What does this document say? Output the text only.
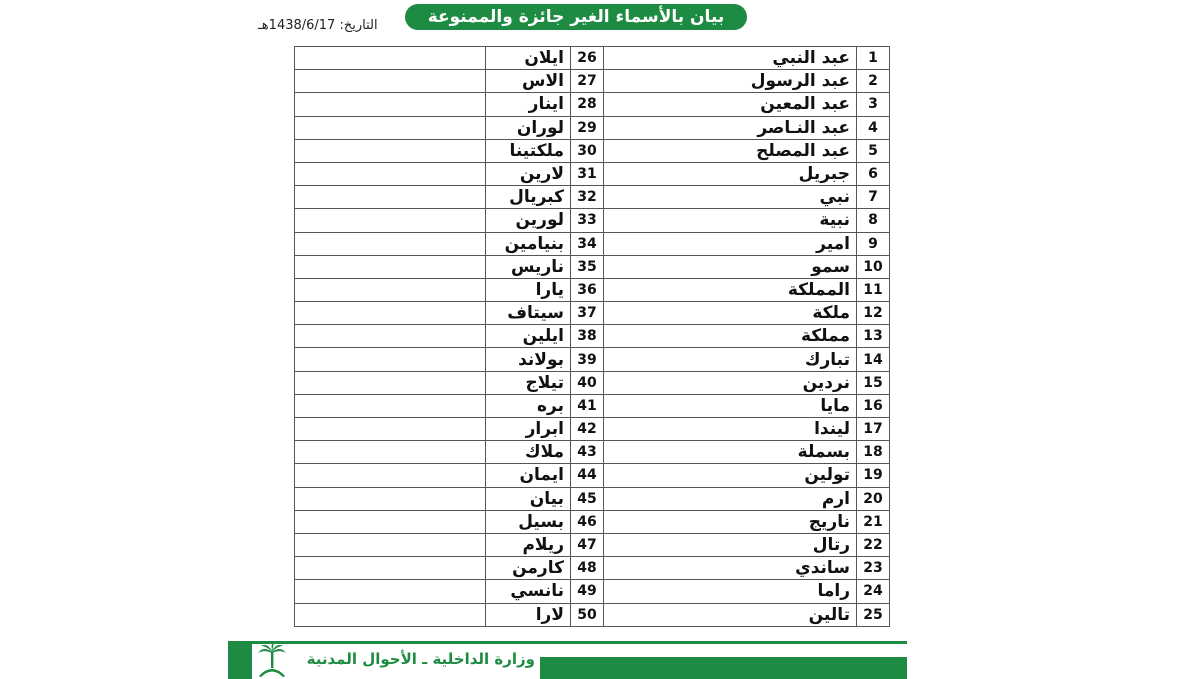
بيان بالأسماء الغير جائزة والممنوعة
التاريخ: 1438/6/17هـ
1	عبد النبي	26	ايلان	
2	عبد الرسول	27	الاس	
3	عبد المعين	28	اينار	
4	عبد النـاصر	29	لوران	
5	عبد المصلح	30	ملكتينا	
6	جبريل	31	لارين	
7	نبي	32	كبريال	
8	نبية	33	لورين	
9	امير	34	بنيامين	
10	سمو	35	ناريس	
11	المملكة	36	يارا	
12	ملكة	37	سيتاف	
13	مملكة	38	ايلين	
14	تبارك	39	بولاند	
15	نردين	40	تيلاج	
16	مايا	41	بره	
17	ليندا	42	ابرار	
18	بسملة	43	ملاك	
19	تولين	44	ايمان	
20	ارم	45	بيان	
21	ناريج	46	بسيل	
22	رتال	47	ريلام	
23	ساندي	48	كارمن	
24	راما	49	نانسي	
25	تالين	50	لارا	
وزارة الداخلية ـ الأحوال المدنية
